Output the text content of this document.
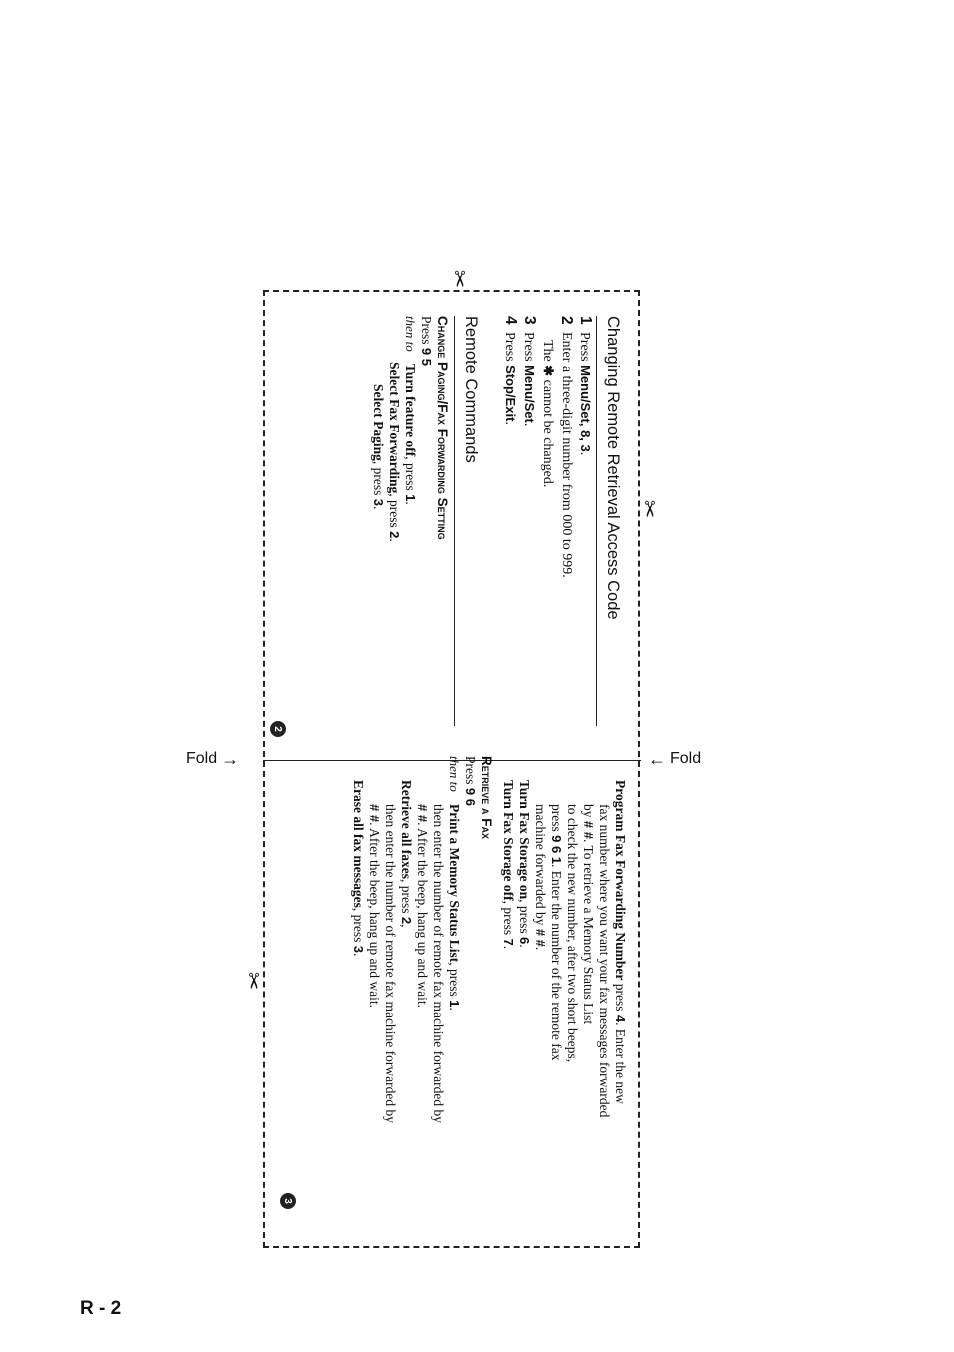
Fold →	← Fold
✂
✂
✂
R - 2
Changing Remote Retrieval Access Code
1
Press Menu/Set, 8, 3.
2
Enter a three-digit number from 000 to 999.
The ✱ cannot be changed.
3
Press Menu/Set.
4
Press Stop/Exit.
Remote Commands
Change Paging/Fax Forwarding Setting
Press 9 5
then to
Turn feature off, press 1.
Select Fax Forwarding, press 2.
Select Paging, press 3.
2
Program Fax Forwarding Number press 4. Enter the new
fax number where you want your fax messages forwarded
by # #. To retrieve a Memory Status List
to check the new number, after two short beeps,
press 9 6 1. Enter the number of the remote fax
machine forwarded by # #.
Turn Fax Storage on, press 6.
Turn Fax Storage off, press 7.
Retrieve a Fax
Press 9 6
then to
Print a Memory Status List, press 1.
then enter the number of remote fax machine forwarded by
# #. After the beep, hang up and wait.
Retrieve all faxes, press 2,
then enter the number of remote fax machine forwarded by
# #. After the beep, hang up and wait.
Erase all fax messages, press 3.
3
